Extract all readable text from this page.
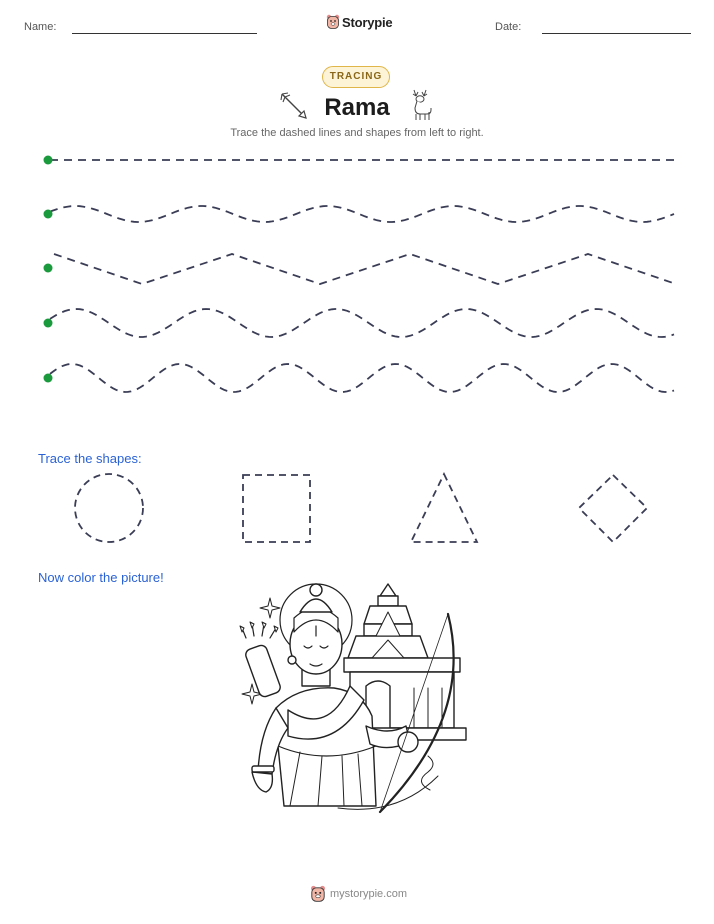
Name:	Storypie	Date:
TRACING
Rama
Trace the dashed lines and shapes from left to right.
Trace the shapes:
Now color the picture!
mystorypie.com
